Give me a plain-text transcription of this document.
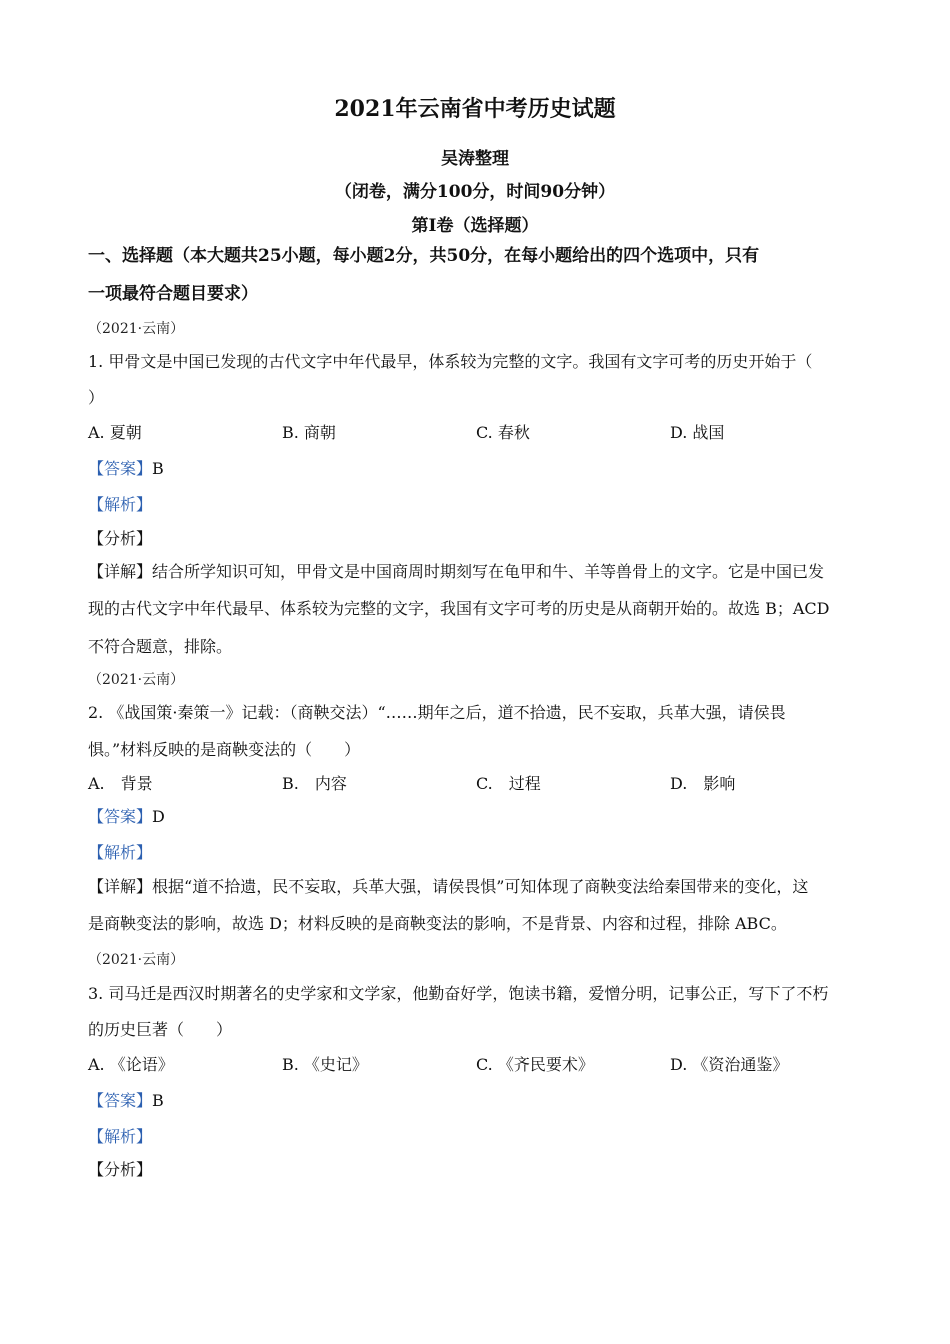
2021年云南省中考历史试题
吴涛整理
（闭卷，满分100分，时间90分钟）
第Ⅰ卷（选择题）
一、选择题（本大题共25小题，每小题2分，共50分，在每小题给出的四个选项中，只有
一项最符合题目要求）
（2021·云南）
1. 甲骨文是中国已发现的古代文字中年代最早，体系较为完整的文字。我国有文字可考的历史开始于（
）
A. 夏朝	B. 商朝	C. 春秋	D. 战国
【答案】B
【解析】
【分析】
【详解】结合所学知识可知，甲骨文是中国商周时期刻写在龟甲和牛、羊等兽骨上的文字。它是中国已发
现的古代文字中年代最早、体系较为完整的文字，我国有文字可考的历史是从商朝开始的。故选 B；ACD
不符合题意，排除。
（2021·云南）
2. 《战国策·秦策一》记载：（商鞅交法）“……期年之后，道不拾遗，民不妄取，兵革大强，请侯畏
惧。”材料反映的是商鞅变法的（　　）
A.　背景	B.　内容	C.　过程	D.　影响
【答案】D
【解析】
【详解】根据“道不拾遗，民不妄取，兵革大强，请侯畏惧”可知体现了商鞅变法给秦国带来的变化，这
是商鞅变法的影响，故选 D；材料反映的是商鞅变法的影响，不是背景、内容和过程，排除 ABC。
（2021·云南）
3. 司马迁是西汉时期著名的史学家和文学家，他勤奋好学，饱读书籍，爱憎分明，记事公正，写下了不朽
的历史巨著（　　）
A. 《论语》	B. 《史记》	C. 《齐民要术》	D. 《资治通鉴》
【答案】B
【解析】
【分析】
